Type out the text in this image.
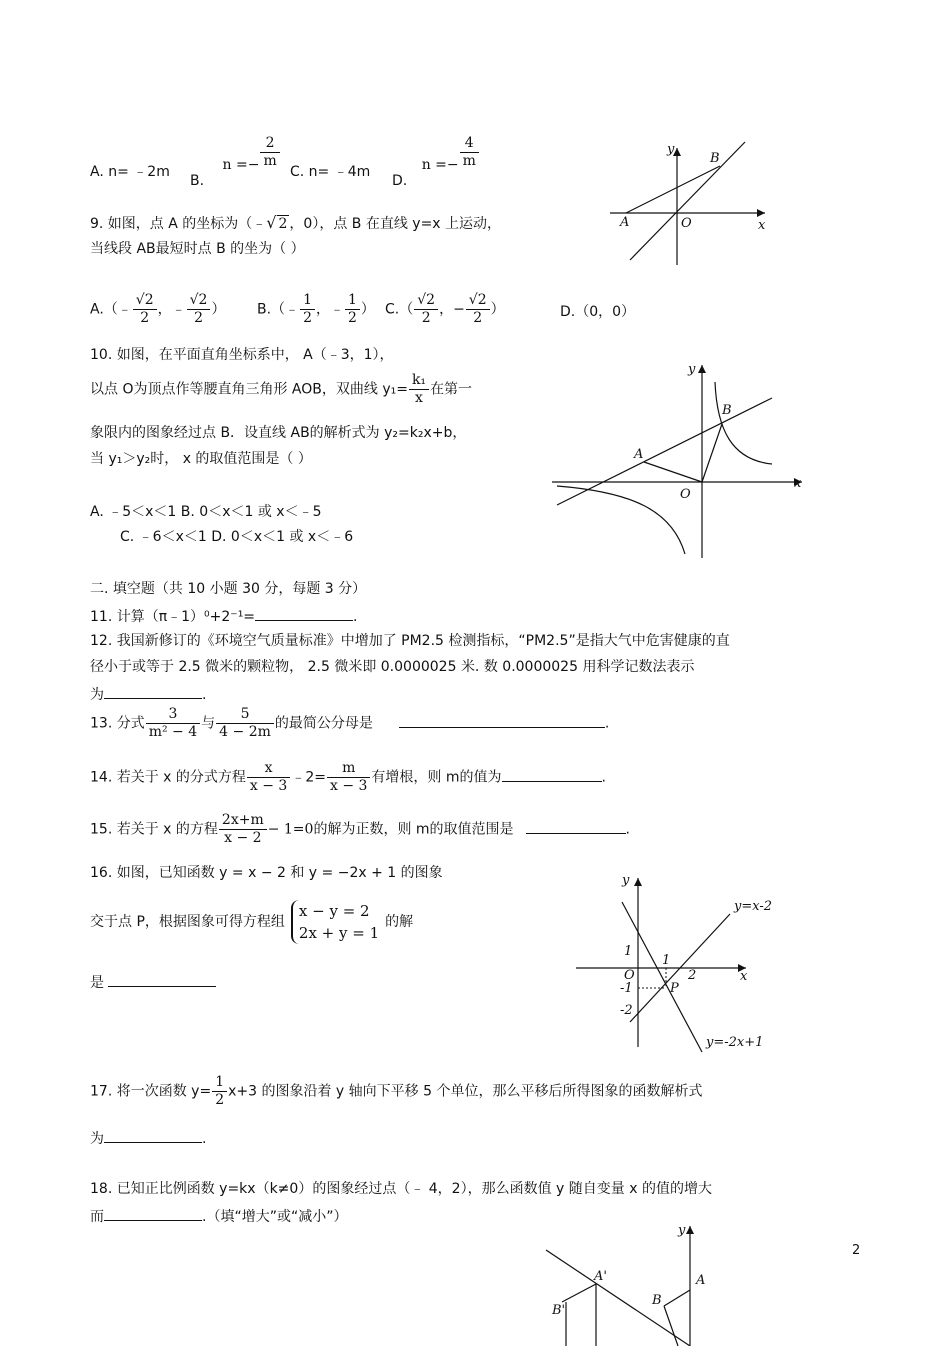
A. n= ﹣2m
B. $n =- \frac{2}{m}$
C. n= ﹣4m
D. $n =- \frac{4}{m}$
9. 如图，点 A 的坐标为（﹣√ 2 ，0），点 B 在直线 y=x 上运动，
当线段 AB最短时点 B 的坐为（ ）
A.（﹣ $\frac{√2}{2}$ ，﹣ $\frac{√2}{2}$ ） B.（﹣ $\frac{1}{2}$ ，﹣ $\frac{1}{2}$ ） $C.( \frac{√2}{2}$ ，− $\frac{√2}{2}$ ）	D.（0，0）
y
x
O
A
B
10. 如图，在平面直角坐标系中， A（﹣3，1），
以点 O为顶点作等腰直角三角形 AOB，双曲线 $y_1= \frac{\text{k₁}}{x}$ 在第一
象限内的图象经过点 B．设直线 AB的解析式为 y₂=k₂x+b，
当 y₁＞y₂时， x 的取值范围是（ ）
A. ﹣5＜x＜1 B. 0＜x＜1 或 x＜﹣5
C. ﹣6＜x＜1 D. 0＜x＜1 或 x＜﹣6
y
x
O
A
B
二. 填空题（共 10 小题 30 分，每题 3 分）
11. 计算（π﹣1）⁰+2⁻¹=	.
12. 我国新修订的《环境空气质量标准》中增加了 PM2.5 检测指标，“PM2.5”是指大气中危害健康的直
径小于或等于 2.5 微米的颗粒物， 2.5 微米即 0.0000025 米. 数 0.0000025 用科学记数法表示
为	.
13. 分式 $\frac{3}{\text{m² − 4}}$ 与 $\frac{5}{4 - 2m}$ 的最简公分母是	.
14. 若关于 x 的分式方程 $\frac{x}{x - 3}$ ﹣2= $\frac{m}{x - 3}$ 有增根，则 m的值为	.
15. 若关于 x 的方程 $\frac{2x+m}{x - 2} - 1=0$的解为正数，则 m的取值范围是	.
16. 如图，已知函数 y = x − 2 和 y = −2x + 1 的图象
交于点 P，根据图象可得方程组
x − y = 2
2x + y = 1
的解
是
y
x
O
1
1
2
-1
-2
P
y=x-2
y=-2x+1
17. 将一次函数 $y= \frac{1}{2} x+3$ 的图象沿着 y 轴向下平移 5 个单位，那么平移后所得图象的函数解析式
为	.
18. 已知正比例函数 y=kx（k≠0）的图象经过点（﹣ 4，2），那么函数值 y 随自变量 x 的值的增大
而	.（填“增大”或“减小”）
y
A
B
A'
B'
2
